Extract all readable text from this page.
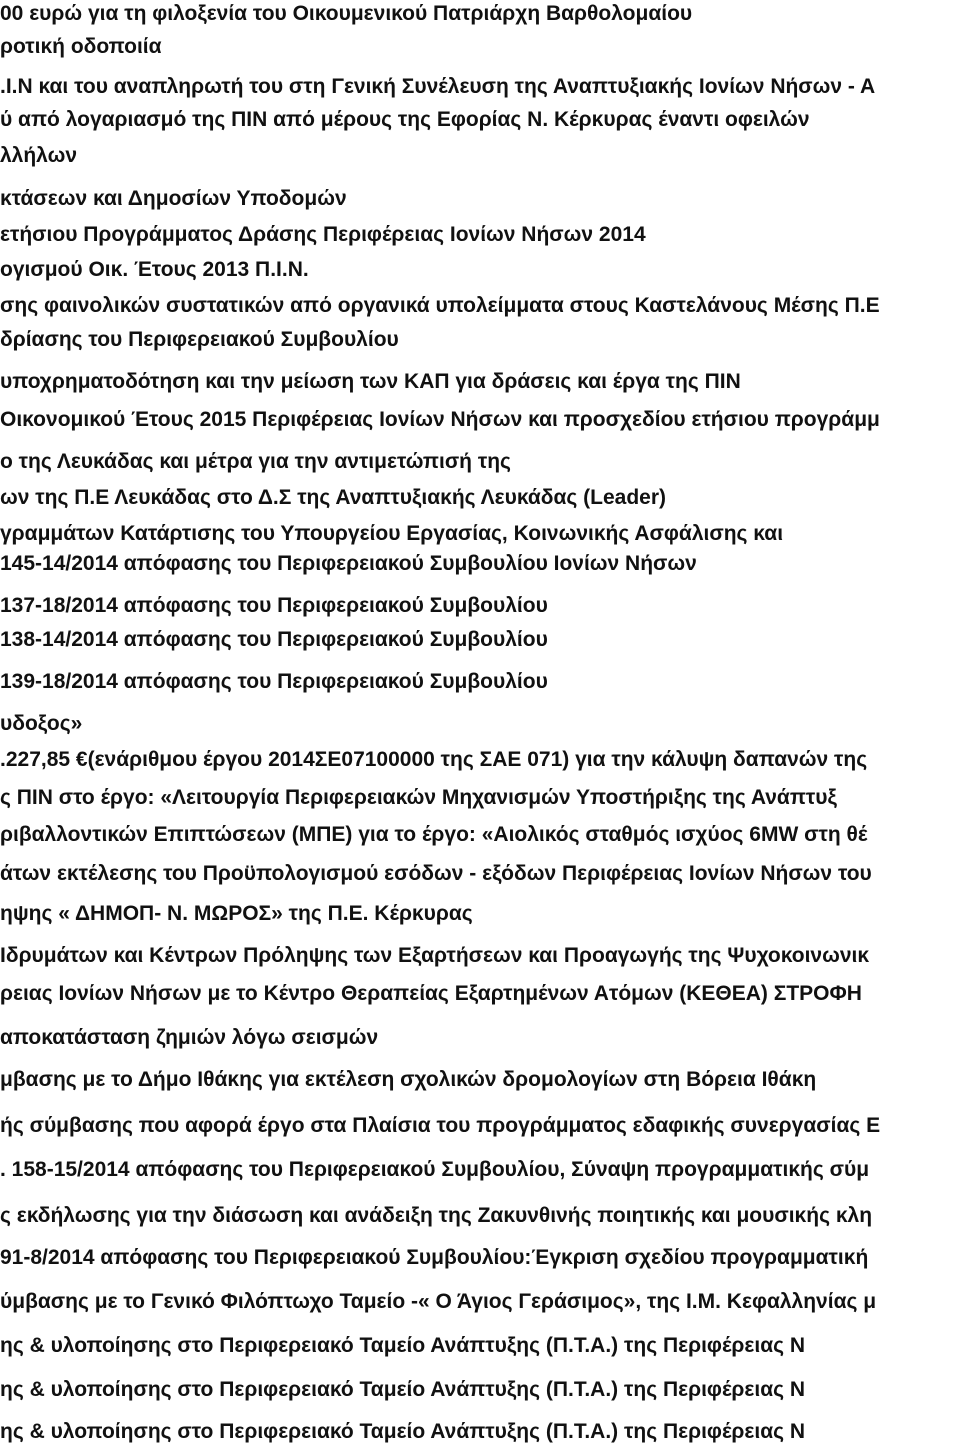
00 ευρώ για τη φιλοξενία του Οικουμενικού Πατριάρχη Βαρθολομαίου
ροτική οδοποιία
.Ι.Ν και του αναπληρωτή του στη Γενική Συνέλευση της Αναπτυξιακής Ιονίων Νήσων - Α
ύ από λογαριασμό της ΠΙΝ από μέρους της Εφορίας Ν. Κέρκυρας έναντι οφειλών
λλήλων
κτάσεων και Δημοσίων Υποδομών
ετήσιου Προγράμματος Δράσης Περιφέρειας Ιονίων Νήσων 2014
ογισμού Οικ. Έτους 2013 Π.Ι.Ν.
σης φαινολικών συστατικών από οργανικά υπολείμματα στους Καστελάνους Μέσης Π.Ε
δρίασης του Περιφερειακού Συμβουλίου
υποχρηματοδότηση και την μείωση των ΚΑΠ για δράσεις και έργα της ΠΙΝ
Οικονομικού Έτους 2015 Περιφέρειας Ιονίων Νήσων και προσχεδίου ετήσιου προγράμμ
ο της Λευκάδας και μέτρα για την αντιμετώπισή της
ων της Π.Ε Λευκάδας στο Δ.Σ της Αναπτυξιακής Λευκάδας (Leader)
γραμμάτων Κατάρτισης του Υπουργείου Εργασίας, Κοινωνικής Ασφάλισης και
145-14/2014 απόφασης του Περιφερειακού Συμβουλίου Ιονίων Νήσων
137-18/2014 απόφασης του Περιφερειακού Συμβουλίου
138-14/2014 απόφασης του Περιφερειακού Συμβουλίου
139-18/2014 απόφασης του Περιφερειακού Συμβουλίου
υδοξος»
.227,85 €(ενάριθμου έργου 2014ΣΕ07100000 της ΣΑΕ 071) για την κάλυψη δαπανών της
ς ΠΙΝ στο έργο: «Λειτουργία Περιφερειακών Μηχανισμών Υποστήριξης της Ανάπτυξ
ριβαλλοντικών Επιπτώσεων (ΜΠΕ) για το έργο: «Αιολικός σταθμός ισχύος 6MW στη θέ
άτων εκτέλεσης του Προϋπολογισμού εσόδων - εξόδων Περιφέρειας Ιονίων Νήσων του
ηψης « ΔΗΜΟΠ- Ν. ΜΩΡΟΣ» της Π.Ε. Κέρκυρας
Ιδρυμάτων και Κέντρων Πρόληψης των Εξαρτήσεων και Προαγωγής της Ψυχοκοινωνικ
ρειας Ιονίων Νήσων με το Κέντρο Θεραπείας Εξαρτημένων Ατόμων (ΚΕΘΕΑ) ΣΤΡΟΦΗ
αποκατάσταση ζημιών λόγω σεισμών
μβασης με το Δήμο Ιθάκης για εκτέλεση σχολικών δρομολογίων στη Βόρεια Ιθάκη
ής σύμβασης που αφορά έργο στα Πλαίσια του προγράμματος εδαφικής συνεργασίας Ε
. 158-15/2014 απόφασης του Περιφερειακού Συμβουλίου, Σύναψη προγραμματικής σύμ
ς εκδήλωσης για την διάσωση και ανάδειξη της Ζακυνθινής ποιητικής και μουσικής κλη
91-8/2014 απόφασης του Περιφερειακού Συμβουλίου:Έγκριση σχεδίου προγραμματική
ύμβασης με το Γενικό Φιλόπτωχο Ταμείο -« Ο Άγιος Γεράσιμος», της Ι.Μ. Κεφαλληνίας μ
ης & υλοποίησης στο Περιφερειακό Ταμείο Ανάπτυξης (Π.Τ.Α.) της Περιφέρειας Ν
ης & υλοποίησης στο Περιφερειακό Ταμείο Ανάπτυξης (Π.Τ.Α.) της Περιφέρειας Ν
ης & υλοποίησης στο Περιφερειακό Ταμείο Ανάπτυξης (Π.Τ.Α.) της Περιφέρειας Ν
